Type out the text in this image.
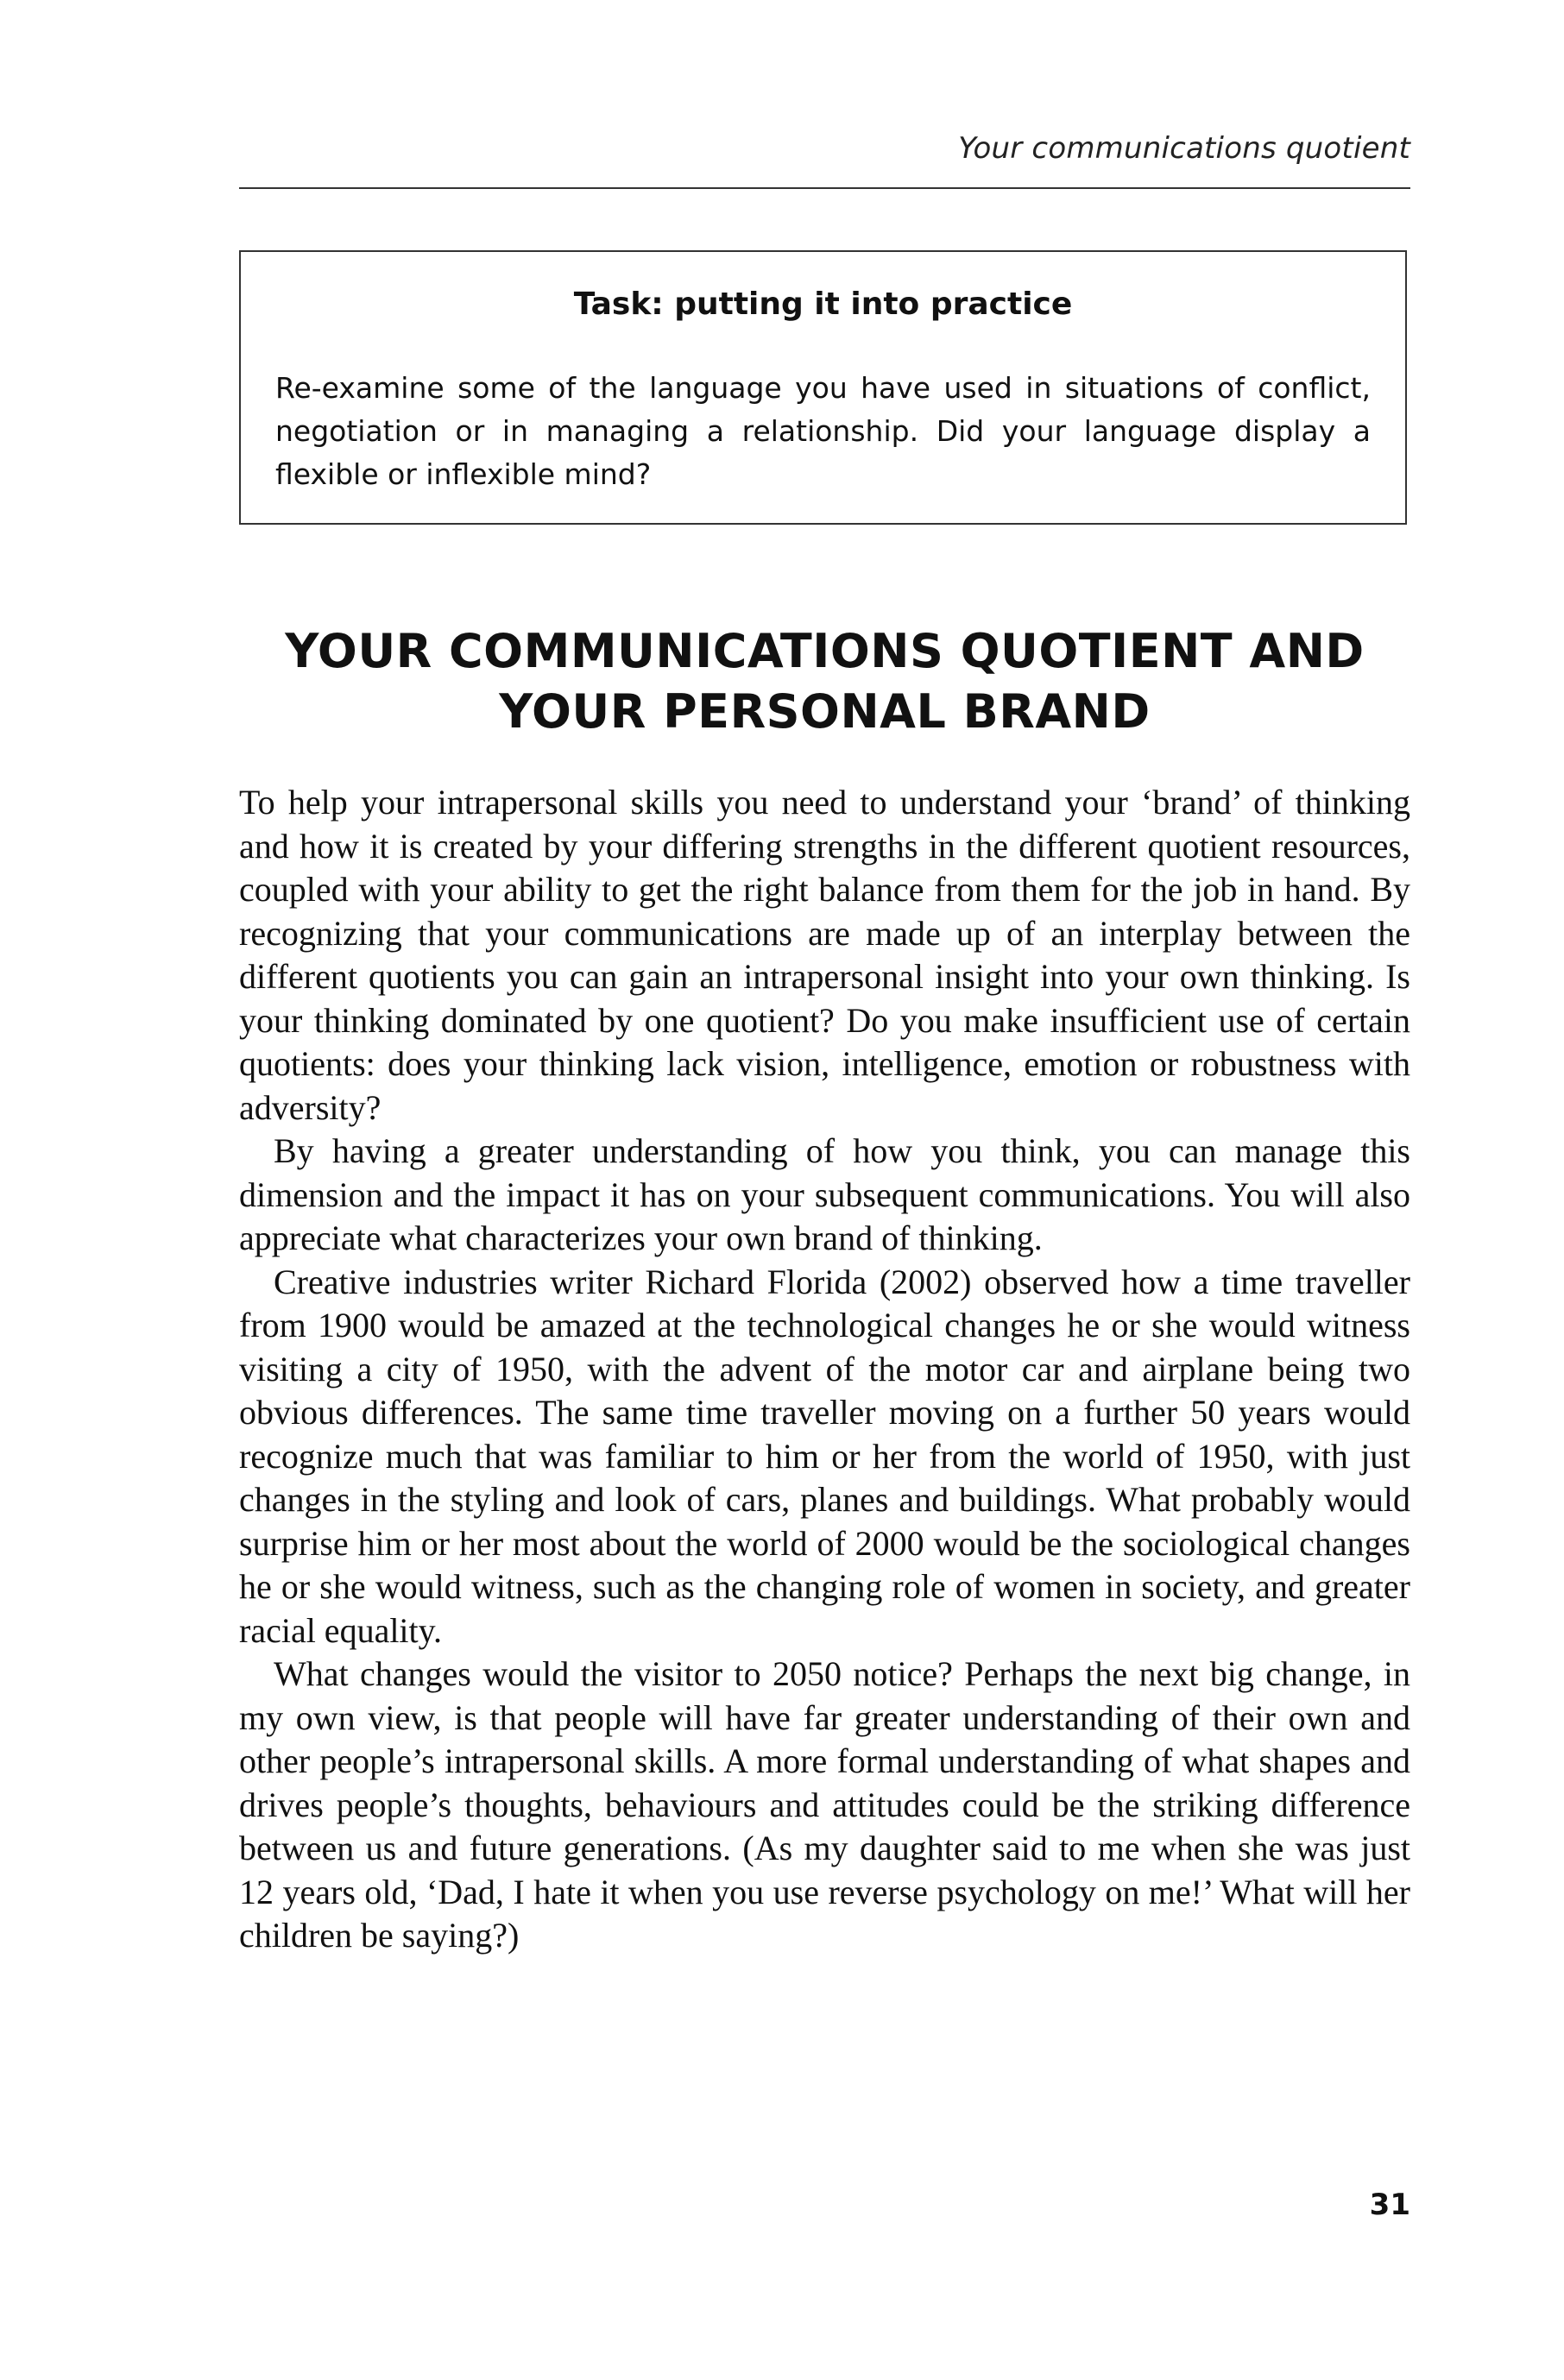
Your communications quotient
Task: putting it into practice
Re-examine some of the language you have used in situations of conflict, negotiation or in managing a relationship. Did your language display a flexible or inflexible mind?
YOUR COMMUNICATIONS QUOTIENT AND YOUR PERSONAL BRAND

To help your intrapersonal skills you need to understand your ‘brand’ of thinking and how it is created by your differing strengths in the different quotient resources, coupled with your ability to get the right balance from them for the job in hand. By recognizing that your communications are made up of an interplay between the different quotients you can gain an intrapersonal insight into your own thinking. Is your thinking dominated by one quotient? Do you make insufficient use of certain quotients: does your thinking lack vision, intelligence, emotion or robustness with adversity?

By having a greater understanding of how you think, you can manage this dimension and the impact it has on your subsequent communications. You will also appreciate what characterizes your own brand of thinking.

Creative industries writer Richard Florida (2002) observed how a time traveller from 1900 would be amazed at the technological changes he or she would witness visiting a city of 1950, with the advent of the motor car and airplane being two obvious differences. The same time traveller moving on a further 50 years would recognize much that was familiar to him or her from the world of 1950, with just changes in the styling and look of cars, planes and buildings. What probably would surprise him or her most about the world of 2000 would be the sociological changes he or she would witness, such as the changing role of women in society, and greater racial equality.

What changes would the visitor to 2050 notice? Perhaps the next big change, in my own view, is that people will have far greater understanding of their own and other people’s intrapersonal skills. A more formal understanding of what shapes and drives people’s thoughts, behaviours and attitudes could be the striking difference between us and future generations. (As my daughter said to me when she was just 12 years old, ‘Dad, I hate it when you use reverse psychology on me!’ What will her children be saying?)

31
